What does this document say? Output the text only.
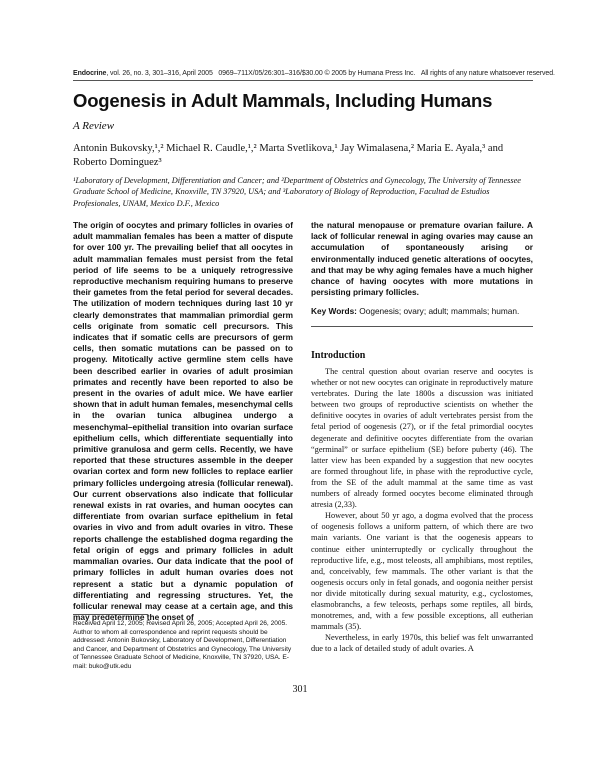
Endocrine, vol. 26, no. 3, 301–316, April 2005 0969–711X/05/26:301–316/$30.00 © 2005 by Humana Press Inc. All rights of any nature whatsoever reserved.
Oogenesis in Adult Mammals, Including Humans
A Review
Antonin Bukovsky,¹,² Michael R. Caudle,¹,² Marta Svetlikova,¹ Jay Wimalasena,² Maria E. Ayala,³ and Roberto Dominguez³
¹Laboratory of Development, Differentiation and Cancer; and ²Department of Obstetrics and Gynecology, The University of Tennessee Graduate School of Medicine, Knoxville, TN 37920, USA; and ³Laboratory of Biology of Reproduction, Facultad de Estudios Profesionales, UNAM, Mexico D.F., Mexico
The origin of oocytes and primary follicles in ovaries of adult mammalian females has been a matter of dispute for over 100 yr. The prevailing belief that all oocytes in adult mammalian females must persist from the fetal period of life seems to be a uniquely retrogressive reproductive mechanism requiring humans to preserve their gametes from the fetal period for several decades. The utilization of modern techniques during last 10 yr clearly demonstrates that mammalian primordial germ cells originate from somatic cell precursors. This indicates that if somatic cells are precursors of germ cells, then somatic mutations can be passed on to progeny. Mitotically active germline stem cells have been described earlier in ovaries of adult prosimian primates and recently have been reported to also be present in the ovaries of adult mice. We have earlier shown that in adult human females, mesenchymal cells in the ovarian tunica albuginea undergo a mesenchymal–epithelial transition into ovarian surface epithelium cells, which differentiate sequentially into primitive granulosa and germ cells. Recently, we have reported that these structures assemble in the deeper ovarian cortex and form new follicles to replace earlier primary follicles undergoing atresia (follicular renewal). Our current observations also indicate that follicular renewal exists in rat ovaries, and human oocytes can differentiate from ovarian surface epithelium in fetal ovaries in vivo and from adult ovaries in vitro. These reports challenge the established dogma regarding the fetal origin of eggs and primary follicles in adult mammalian ovaries. Our data indicate that the pool of primary follicles in adult human ovaries does not represent a static but a dynamic population of differentiating and regressing structures. Yet, the follicular renewal may cease at a certain age, and this may predetermine the onset of
the natural menopause or premature ovarian failure. A lack of follicular renewal in aging ovaries may cause an accumulation of spontaneously arising or environmentally induced genetic alterations of oocytes, and that may be why aging females have a much higher chance of having oocytes with more mutations in persisting primary follicles.
Key Words: Oogenesis; ovary; adult; mammals; human.
Introduction

The central question about ovarian reserve and oocytes is whether or not new oocytes can originate in reproductively mature vertebrates. During the late 1800s a discussion was initiated between two groups of reproductive scientists on whether the definitive oocytes in ovaries of adult vertebrates persist from the fetal period of oogenesis (27), or if the fetal primordial oocytes degenerate and definitive oocytes differentiate from the ovarian “germinal” or surface epithelium (SE) before puberty (46). The latter view has been expanded by a suggestion that new oocytes are formed throughout life, in phase with the reproductive cycle, from the SE of the adult mammal at the same time as vast numbers of already formed oocytes become eliminated through atresia (2,33).

However, about 50 yr ago, a dogma evolved that the process of oogenesis follows a uniform pattern, of which there are two main variants. One variant is that the oogenesis appears to continue either uninterruptedly or cyclically throughout the reproductive life, e.g., most teleosts, all amphibians, most reptiles, and, conceivably, few mammals. The other variant is that the oogenesis occurs only in fetal gonads, and oogonia neither persist nor divide mitotically during sexual maturity, e.g., cyclostomes, elasmobranchs, a few teleosts, perhaps some reptiles, all birds, monotremes, and, with a few possible exceptions, all eutherian mammals (35).

Nevertheless, in early 1970s, this belief was felt unwarranted due to a lack of detailed study of adult ovaries. A

Received April 12, 2005; Revised April 26, 2005; Accepted April 26, 2005.

Author to whom all correspondence and reprint requests should be addressed: Antonin Bukovsky, Laboratory of Development, Differentiation and Cancer, and Department of Obstetrics and Gynecology, The University of Tennessee Graduate School of Medicine, Knoxville, TN 37920, USA. E-mail: buko@utk.edu

301
